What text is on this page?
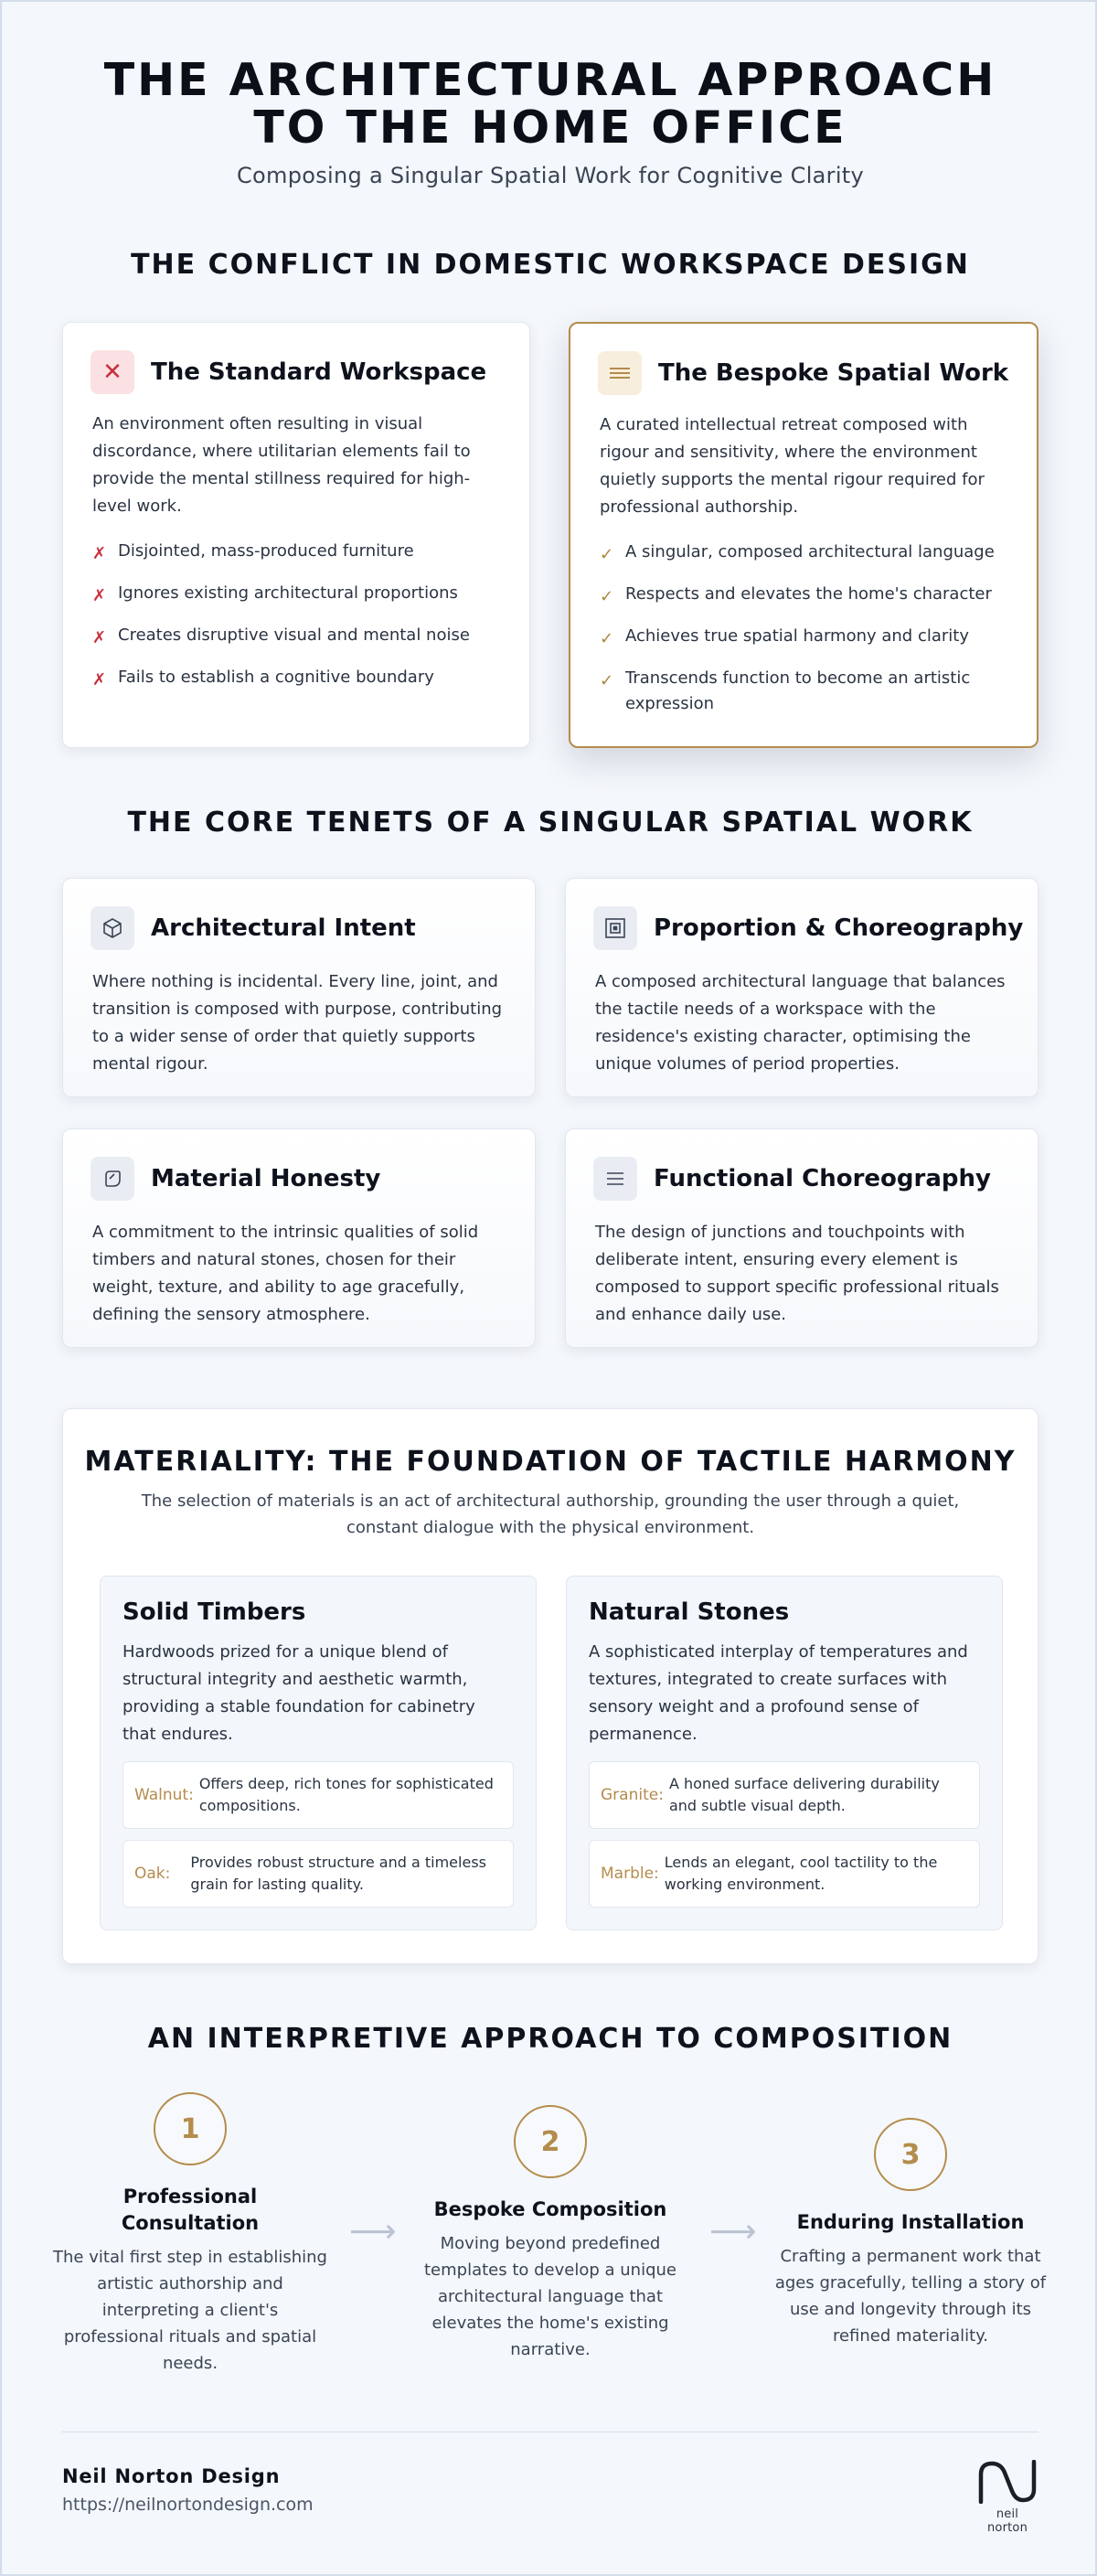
THE ARCHITECTURAL APPROACH TO THE HOME OFFICE

Composing a Singular Spatial Work for Cognitive Clarity

THE CONFLICT IN DOMESTIC WORKSPACE DESIGN
✕	The Standard Workspace

An environment often resulting in visual discordance, where utilitarian elements fail to provide the mental stillness required for high-level work.

✗ Disjointed, mass-produced furniture
✗ Ignores existing architectural proportions
✗ Creates disruptive visual and mental noise
✗ Fails to establish a cognitive boundary
The Bespoke Spatial Work

A curated intellectual retreat composed with rigour and sensitivity, where the environment quietly supports the mental rigour required for professional authorship.

✓ A singular, composed architectural language
✓ Respects and elevates the home's character
✓ Achieves true spatial harmony and clarity
✓ Transcends function to become an artistic expression
THE CORE TENETS OF A SINGULAR SPATIAL WORK
Architectural Intent

Where nothing is incidental. Every line, joint, and transition is composed with purpose, contributing to a wider sense of order that quietly supports mental rigour.

Proportion & Choreography

A composed architectural language that balances the tactile needs of a workspace with the residence's existing character, optimising the unique volumes of period properties.

Material Honesty

A commitment to the intrinsic qualities of solid timbers and natural stones, chosen for their weight, texture, and ability to age gracefully, defining the sensory atmosphere.

Functional Choreography

The design of junctions and touchpoints with deliberate intent, ensuring every element is composed to support specific professional rituals and enhance daily use.

MATERIALITY: THE FOUNDATION OF TACTILE HARMONY

The selection of materials is an act of architectural authorship, grounding the user through a quiet, constant dialogue with the physical environment.

Solid Timbers

Hardwoods prized for a unique blend of structural integrity and aesthetic warmth, providing a stable foundation for cabinetry that endures.

Walnut:
Offers deep, rich tones for sophisticated compositions.
Oak:
Provides robust structure and a timeless grain for lasting quality.
Natural Stones

A sophisticated interplay of temperatures and textures, integrated to create surfaces with sensory weight and a profound sense of permanence.

Granite:
A honed surface delivering durability and subtle visual depth.
Marble:
Lends an elegant, cool tactility to the working environment.
AN INTERPRETIVE APPROACH TO COMPOSITION
1
Professional Consultation

The vital first step in establishing artistic authorship and interpreting a client's professional rituals and spatial needs.

⟶
2
Bespoke Composition

Moving beyond predefined templates to develop a unique architectural language that elevates the home's existing narrative.

⟶
3
Enduring Installation

Crafting a permanent work that ages gracefully, telling a story of use and longevity through its refined materiality.

Neil Norton Design
https://neilnortondesign.com	neil norton
